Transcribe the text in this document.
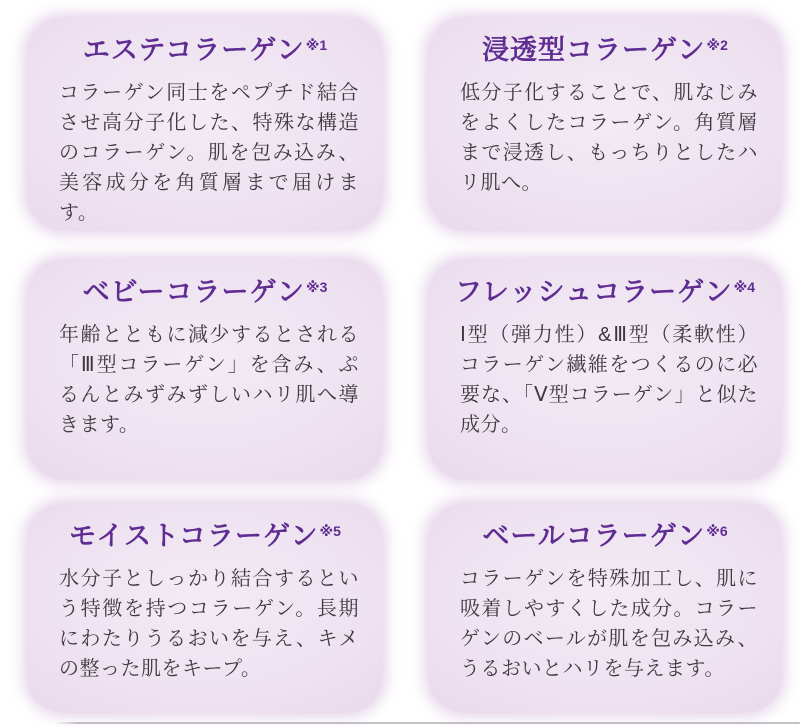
エステコラーゲン$^{※1}$

コラーゲン同士をペプチド結合させ高分子化した、特殊な構造のコラーゲン。肌を包み込み、美容成分を角質層まで届けます。

浸透型コラーゲン$^{※2}$

低分子化することで、肌なじみをよくしたコラーゲン。角質層まで浸透し、もっちりとしたハリ肌へ。

ベビーコラーゲン$^{※3}$

年齢とともに減少するとされる「Ⅲ型コラーゲン」を含み、ぷるんとみずみずしいハリ肌へ導きます。

フレッシュコラーゲン$^{※4}$

Ⅰ型（弾力性）&Ⅲ型（柔軟性）コラーゲン繊維をつくるのに必要な、「Ⅴ型コラーゲン」と似た成分。

モイストコラーゲン$^{※5}$

水分子としっかり結合するという特徴を持つコラーゲン。長期にわたりうるおいを与え、キメの整った肌をキープ。

ベールコラーゲン$^{※6}$

コラーゲンを特殊加工し、肌に吸着しやすくした成分。コラーゲンのベールが肌を包み込み、うるおいとハリを与えます。
